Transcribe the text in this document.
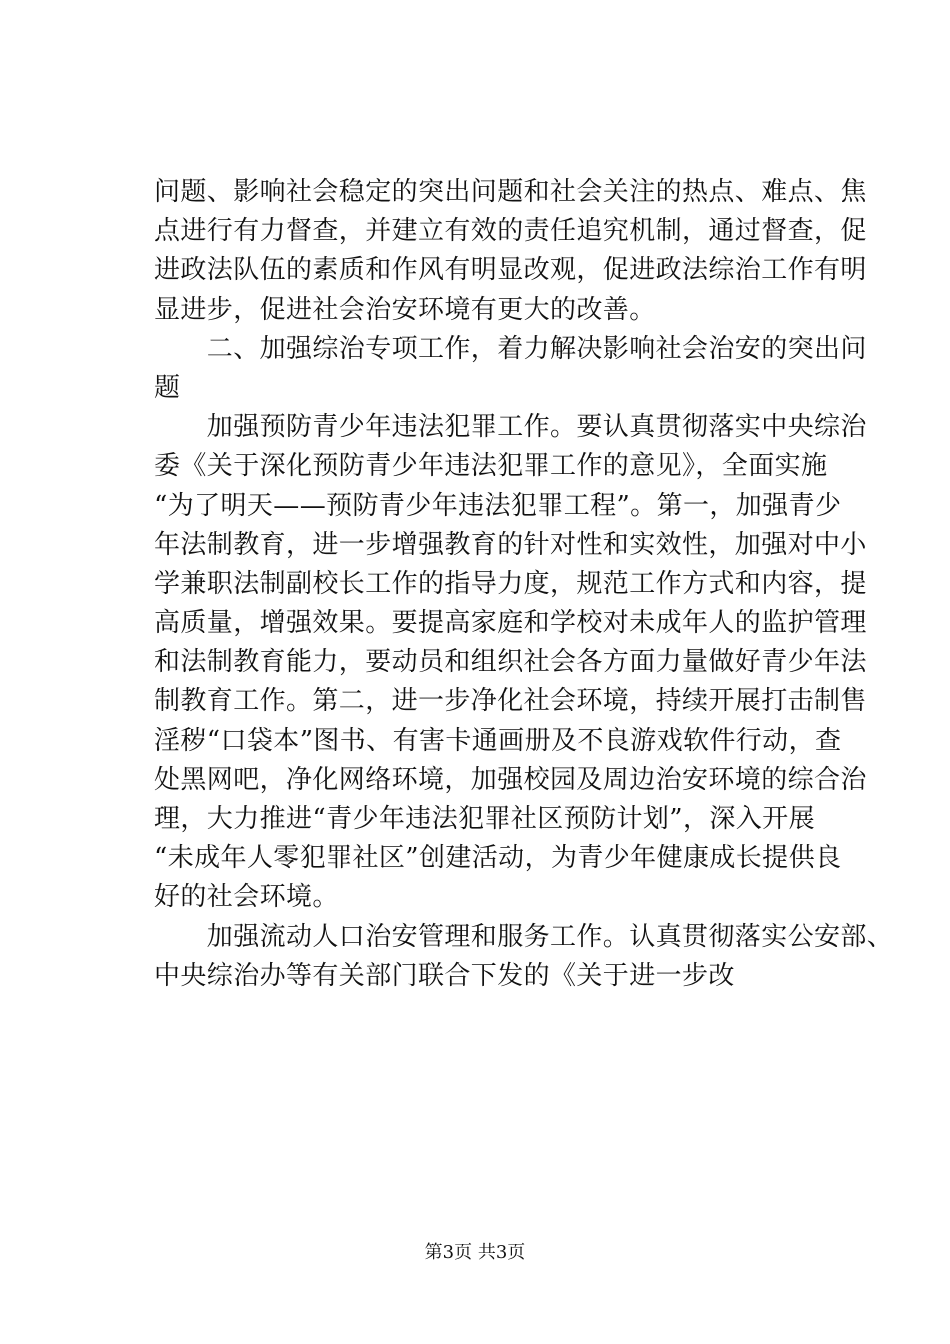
问题、影响社会稳定的突出问题和社会关注的热点、难点、焦
点进行有力督查，并建立有效的责任追究机制，通过督查，促
进政法队伍的素质和作风有明显改观，促进政法综治工作有明
显进步，促进社会治安环境有更大的改善。
　　二、加强综治专项工作，着力解决影响社会治安的突出问
题
　　加强预防青少年违法犯罪工作。要认真贯彻落实中央综治
委《关于深化预防青少年违法犯罪工作的意见》，全面实施
“为了明天——预防青少年违法犯罪工程”。第一，加强青少
年法制教育，进一步增强教育的针对性和实效性，加强对中小
学兼职法制副校长工作的指导力度，规范工作方式和内容，提
高质量，增强效果。要提高家庭和学校对未成年人的监护管理
和法制教育能力，要动员和组织社会各方面力量做好青少年法
制教育工作。第二，进一步净化社会环境，持续开展打击制售
淫秽“口袋本”图书、有害卡通画册及不良游戏软件行动，查
处黑网吧，净化网络环境，加强校园及周边治安环境的综合治
理，大力推进“青少年违法犯罪社区预防计划”，深入开展
“未成年人零犯罪社区”创建活动，为青少年健康成长提供良
好的社会环境。
　　加强流动人口治安管理和服务工作。认真贯彻落实公安部、
中央综治办等有关部门联合下发的《关于进一步改
第3页 共3页
